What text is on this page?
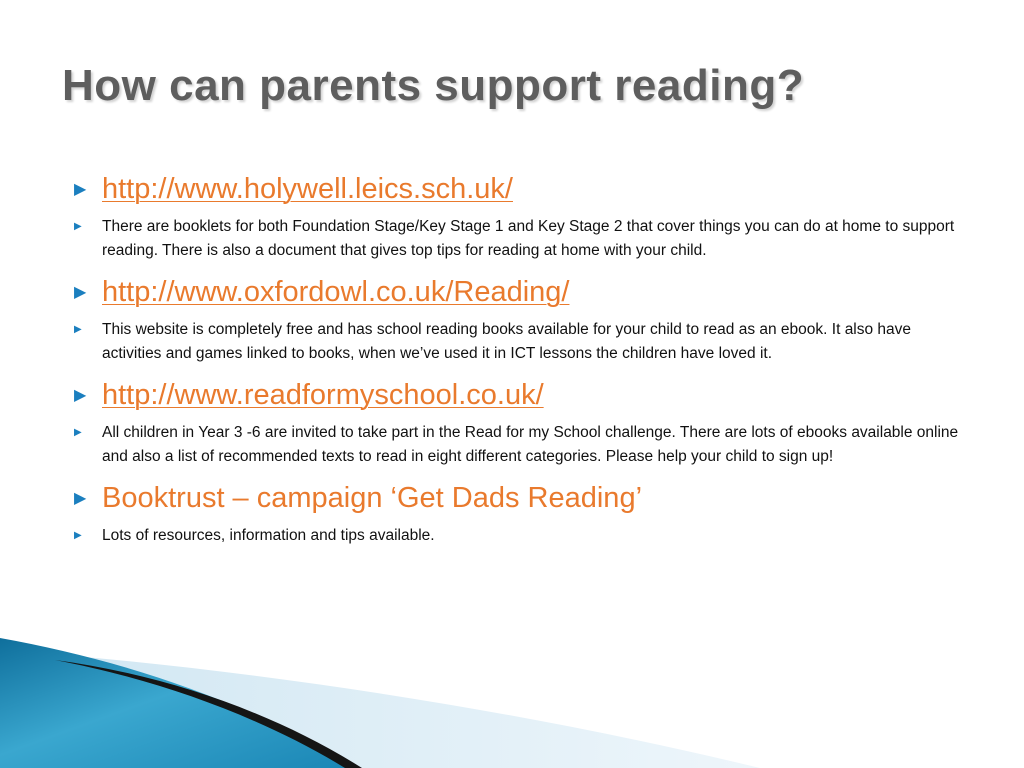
How can parents support reading?
▶ http://www.holywell.leics.sch.uk/
▶	There are booklets for both Foundation Stage/Key Stage 1 and Key Stage 2 that cover things you can do at home to support reading. There is also a document that gives top tips for reading at home with your child.
▶ http://www.oxfordowl.co.uk/Reading/
▶	This website is completely free and has school reading books available for your child to read as an ebook. It also have activities and games linked to books, when we’ve used it in ICT lessons the children have loved it.
▶ http://www.readformyschool.co.uk/
▶	All children in Year 3 -6 are invited to take part in the Read for my School challenge. There are lots of ebooks available online and also a list of recommended texts to read in eight different categories. Please help your child to sign up!
▶ Booktrust – campaign ‘Get Dads Reading’
▶	Lots of resources, information and tips available.
